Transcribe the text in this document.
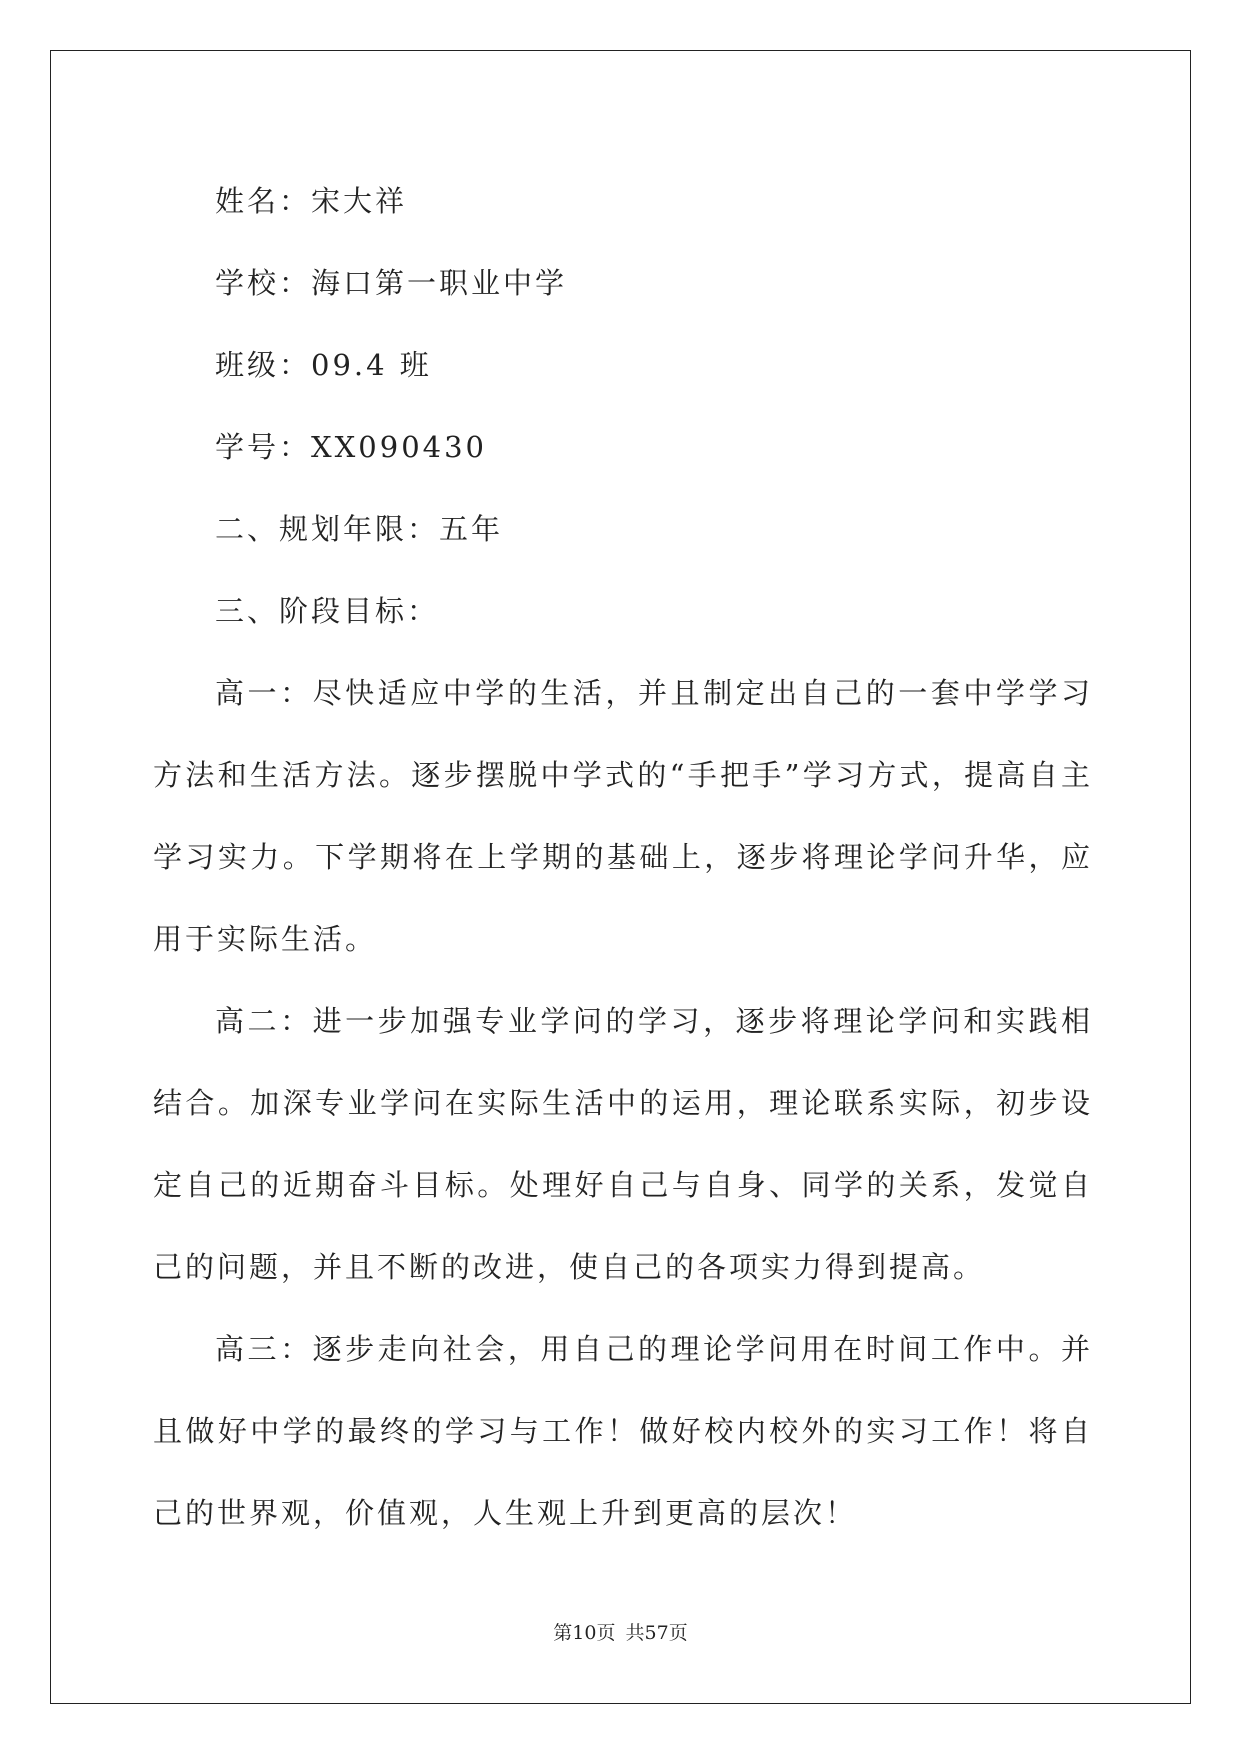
姓名：宋大祥

学校：海口第一职业中学

班级：09.4 班

学号：XX090430

二、规划年限：五年

三、阶段目标：

高一：尽快适应中学的生活，并且制定出自己的一套中学学习方法和生活方法。逐步摆脱中学式的“手把手”学习方式，提高自主学习实力。下学期将在上学期的基础上，逐步将理论学问升华，应用于实际生活。

高二：进一步加强专业学问的学习，逐步将理论学问和实践相结合。加深专业学问在实际生活中的运用，理论联系实际，初步设定自己的近期奋斗目标。处理好自己与自身、同学的关系，发觉自己的问题，并且不断的改进，使自己的各项实力得到提高。

高三：逐步走向社会，用自己的理论学问用在时间工作中。并且做好中学的最终的学习与工作！做好校内校外的实习工作！将自己的世界观，价值观，人生观上升到更高的层次！

第10页 共57页
